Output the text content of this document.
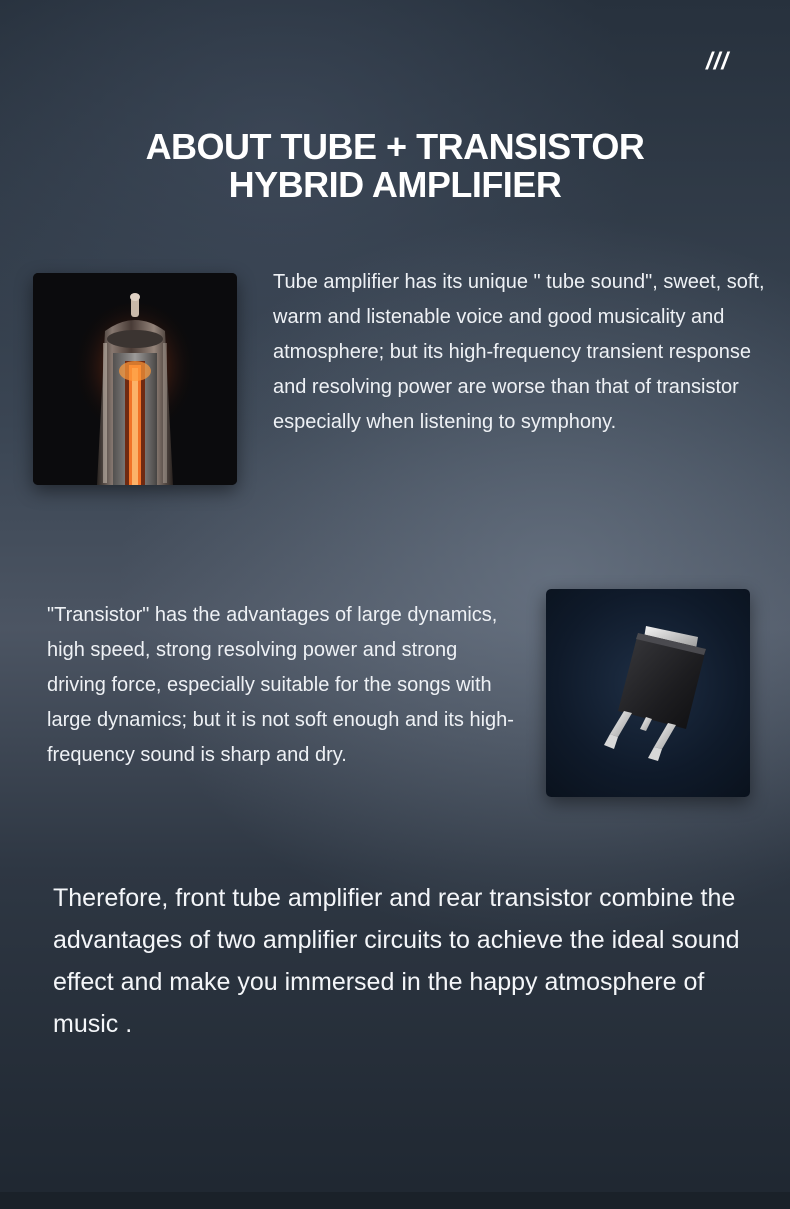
///
ABOUT TUBE + TRANSISTOR
HYBRID AMPLIFIER

Tube amplifier has its unique " tube sound", sweet, soft, warm and listenable voice and good musicality and atmosphere; but its high-frequency transient response and resolving power are worse than that of transistor especially when listening to symphony.

"Transistor" has the advantages of large dynamics, high speed, strong resolving power and strong driving force, especially suitable for the songs with large dynamics; but it is not soft enough and its high-frequency sound is sharp and dry.

Therefore, front tube amplifier and rear transistor combine the advantages of two amplifier circuits to achieve the ideal sound effect and make you immersed in the happy atmosphere of music .
